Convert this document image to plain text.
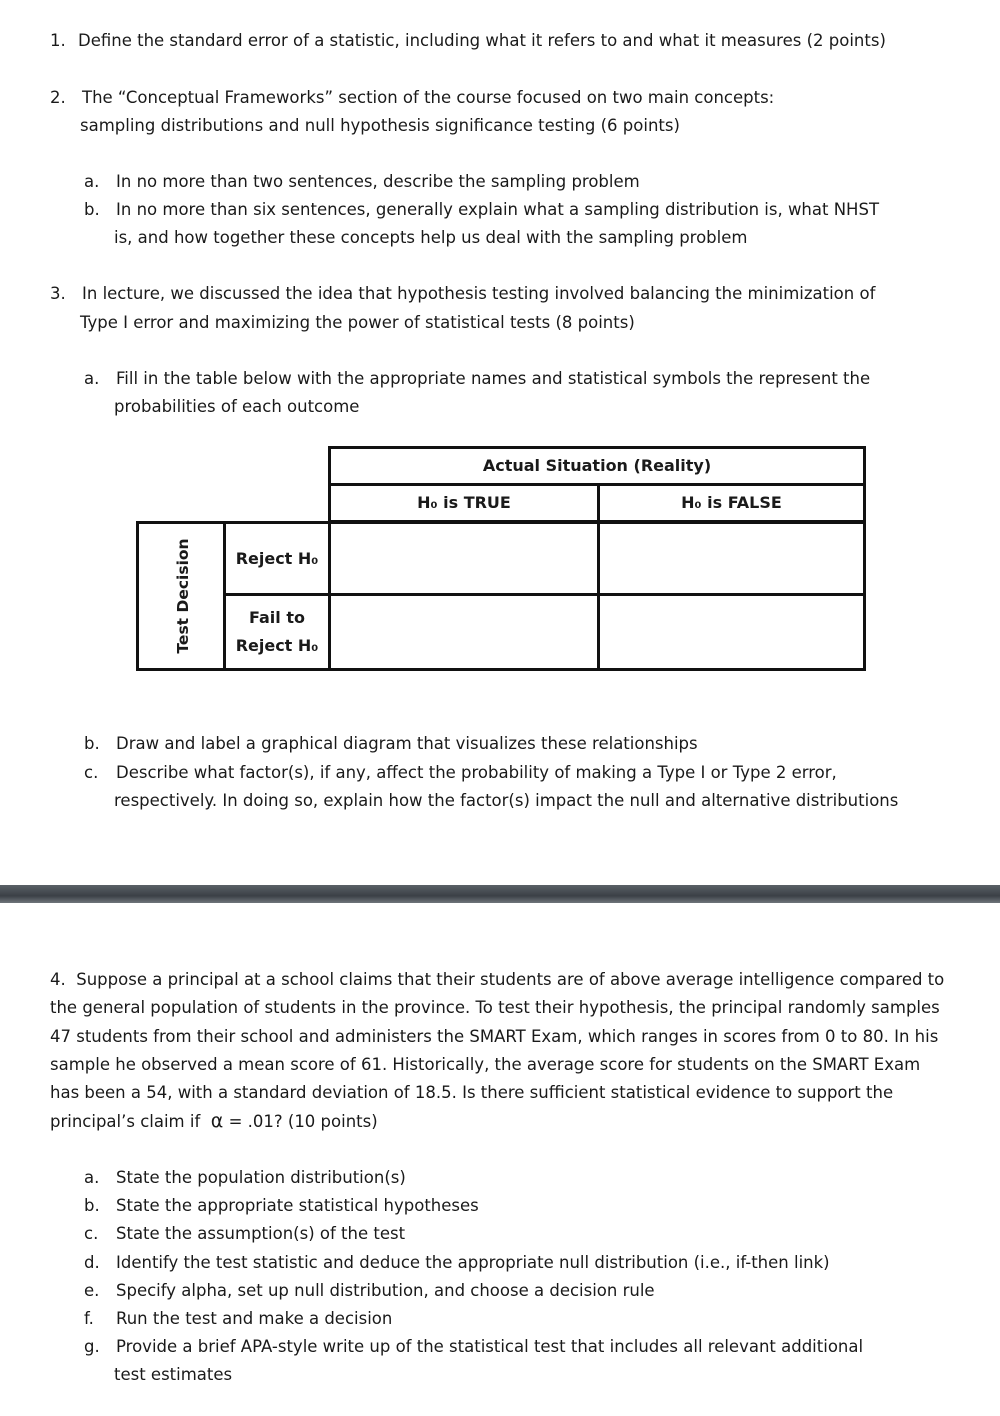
1. Define the standard error of a statistic, including what it refers to and what it measures (2 points)
2. The “Conceptual Frameworks” section of the course focused on two main concepts:
sampling distributions and null hypothesis significance testing (6 points)
a. In no more than two sentences, describe the sampling problem
b. In no more than six sentences, generally explain what a sampling distribution is, what NHST
is, and how together these concepts help us deal with the sampling problem
3. In lecture, we discussed the idea that hypothesis testing involved balancing the minimization of
Type I error and maximizing the power of statistical tests (8 points)
a. Fill in the table below with the appropriate names and statistical symbols the represent the
probabilities of each outcome
Actual Situation (Reality)
H₀ is TRUE	H₀ is FALSE
Test Decision	Reject H₀
Fail to
Reject H₀
b. Draw and label a graphical diagram that visualizes these relationships
c. Describe what factor(s), if any, affect the probability of making a Type I or Type 2 error,
respectively. In doing so, explain how the factor(s) impact the null and alternative distributions
4. Suppose a principal at a school claims that their students are of above average intelligence compared to the general population of students in the province. To test their hypothesis, the principal randomly samples 47 students from their school and administers the SMART Exam, which ranges in scores from 0 to 80. In his sample he observed a mean score of 61. Historically, the average score for students on the SMART Exam has been a 54, with a standard deviation of 18.5. Is there sufficient statistical evidence to support the principal’s claim if α = .01? (10 points)
a. State the population distribution(s)
b. State the appropriate statistical hypotheses
c. State the assumption(s) of the test
d. Identify the test statistic and deduce the appropriate null distribution (i.e., if-then link)
e. Specify alpha, set up null distribution, and choose a decision rule
f. Run the test and make a decision
g. Provide a brief APA-style write up of the statistical test that includes all relevant additional
test estimates
